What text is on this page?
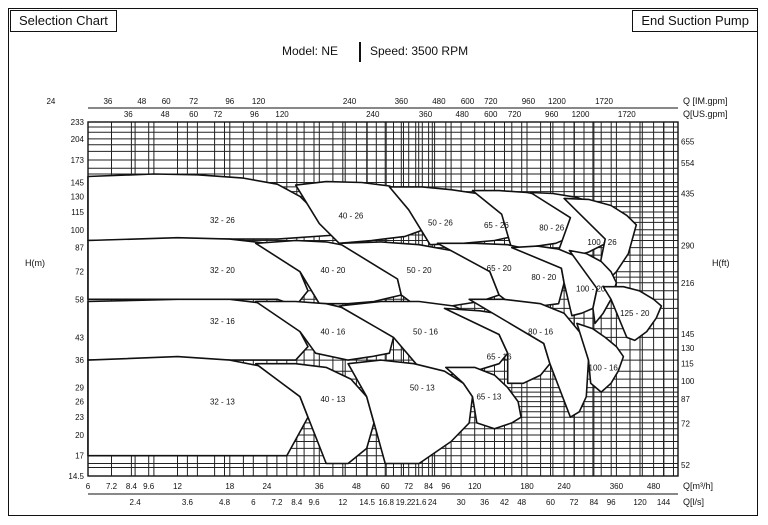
Selection Chart	End Suction Pump
Model: NE	Speed: 3500 RPM
32 - 26
40 - 26
50 - 26	65 - 26	80 - 26
100 - 26
32 - 20	40 - 20	50 - 20	65 - 20
80 - 20
100 - 20
125 - 20
32 - 16
40 - 16	50 - 16
65 - 16
80 - 16
100 - 16
32 - 13	40 - 13
50 - 13
65 - 13
24	36	48 60 72	96 120	240	360	480 600 720	960 1200	1720
36	48 60 72	96 120	240	360	480 600 720	960 1200	1720
6 7.2 8.4 9.6 12	18	24	36	48 60 72 84 96 120	180	240	360	480
2.4	3.6	4.8	6 7.2 8.4 9.6 12 14.5 16.8 19.2 21.6 24 30 36 42 48 60 72 84 96 120 144
233
204
173
145
130
115
100
87
72
58
43
36
29
26
23
20
17
14.5
655
554
435
290
216
145
130
115
100
87
72
52
Q [IM.gpm]
Q[US.gpm]
Q[m³/h]
Q[l/s]
H(m)	H(ft)
